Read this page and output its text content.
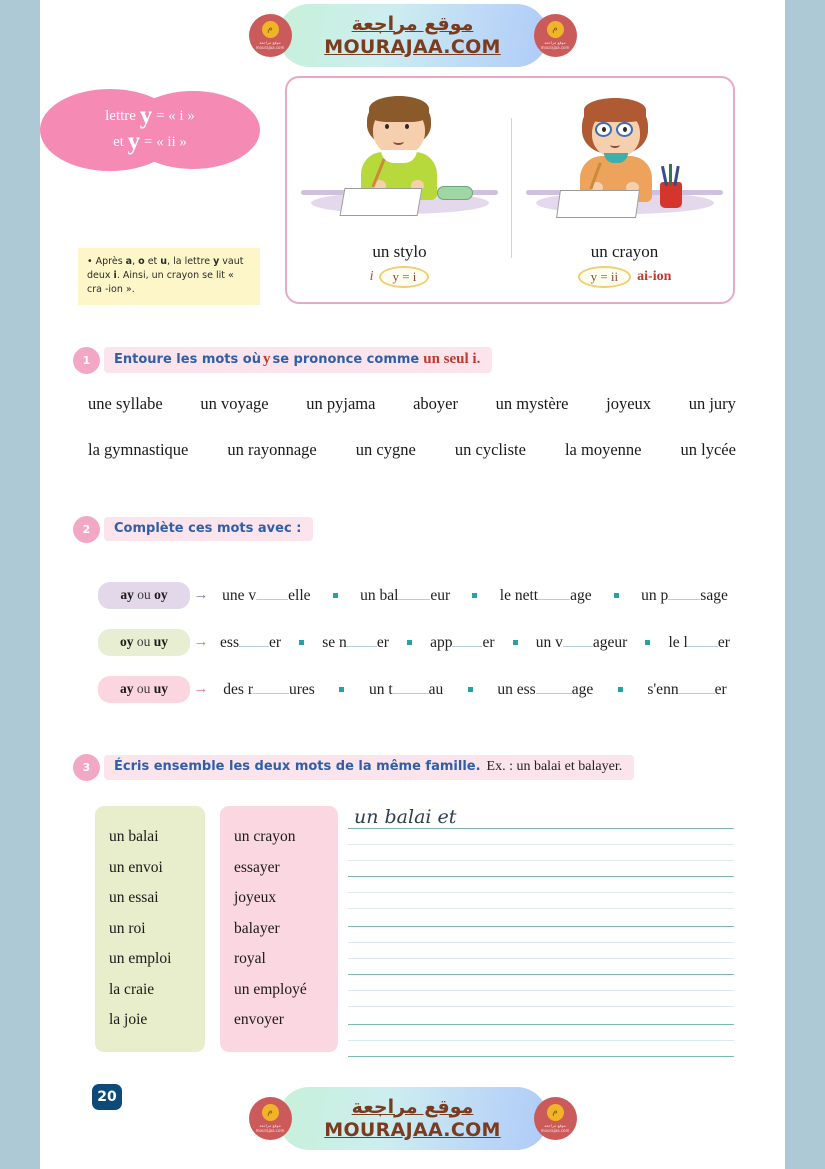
م
موقع مراجعة
mourajaa.com
موقع مراجعة
MOURAJAA.COM
م
موقع مراجعة
mourajaa.com
lettre y = « i »
et y = « ii »
• Après a, o et u, la lettre y vaut deux i. Ainsi, un crayon se lit « cra -ion ».
un stylo
i	y = i
un crayon
y = ii	ai-ion
1	Entoure les mots où y se prononce comme un seul i.
une syllabe un voyage un pyjama aboyer un mystère joyeux un jury
la gymnastique un rayonnage un cygne un cycliste la moyenne un lycée
2	Complète ces mots avec :
ay ou oy	→ une v elle	un bal eur	le nett age	un p sage
oy ou uy	→ ess er	se n er	app er	un v ageur	le l er
ay ou uy	→ des r ures	un t au	un ess age	s'enn er
3	Écris ensemble les deux mots de la même famille. Ex. : un balai et balayer.
un balai
un envoi
un essai
un roi
un emploi
la craie
la joie
un crayon
essayer
joyeux
balayer
royal
un employé
envoyer
un balai et
20
م
موقع مراجعة
mourajaa.com
موقع مراجعة
MOURAJAA.COM
م
موقع مراجعة
mourajaa.com
